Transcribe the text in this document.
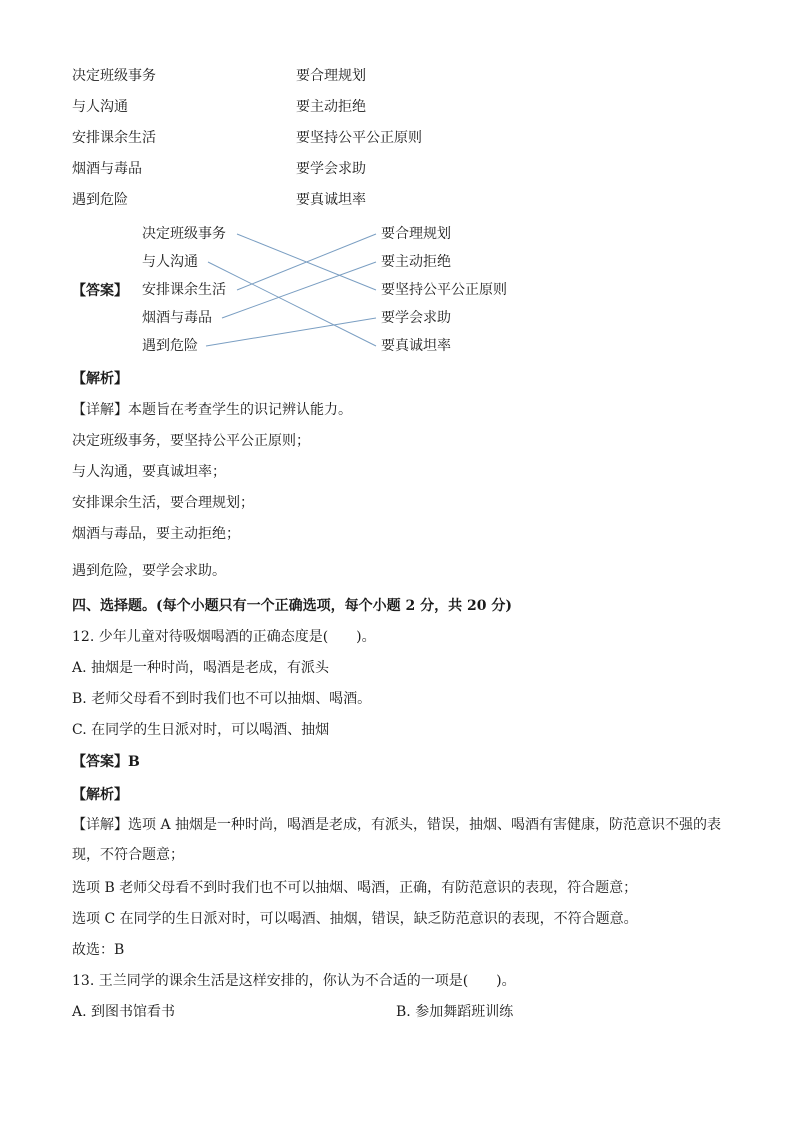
决定班级事务
与人沟通
安排课余生活
烟酒与毒品
遇到危险
要合理规划
要主动拒绝
要坚持公平公正原则
要学会求助
要真诚坦率
【答案】
决定班级事务
与人沟通
安排课余生活
烟酒与毒品
遇到危险
要合理规划
要主动拒绝
要坚持公平公正原则
要学会求助
要真诚坦率
【解析】
【详解】本题旨在考查学生的识记辨认能力。
决定班级事务，要坚持公平公正原则；
与人沟通，要真诚坦率；
安排课余生活，要合理规划；
烟酒与毒品，要主动拒绝；
遇到危险，要学会求助。
四、选择题。(每个小题只有一个正确选项，每个小题 2 分，共 20 分)
12. 少年儿童对待吸烟喝酒的正确态度是(　　)。
A. 抽烟是一种时尚，喝酒是老成，有派头
B. 老师父母看不到时我们也不可以抽烟、喝酒。
C. 在同学的生日派对时，可以喝酒、抽烟
【答案】B
【解析】
【详解】选项 A 抽烟是一种时尚，喝酒是老成，有派头，错误，抽烟、喝酒有害健康，防范意识不强的表
现，不符合题意；
选项 B 老师父母看不到时我们也不可以抽烟、喝酒，正确，有防范意识的表现，符合题意；
选项 C 在同学的生日派对时，可以喝酒、抽烟，错误，缺乏防范意识的表现，不符合题意。
故选：B
13. 王兰同学的课余生活是这样安排的，你认为不合适的一项是(　　)。
A. 到图书馆看书	B. 参加舞蹈班训练
